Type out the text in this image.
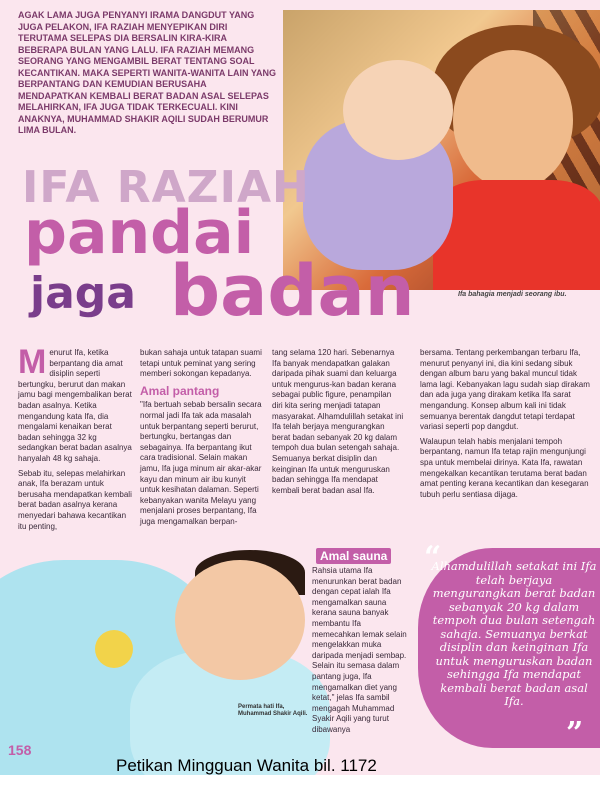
Ifa bahagia menjadi seorang ibu.
AGAK LAMA JUGA PENYANYI IRAMA DANGDUT YANG JUGA PELAKON, IFA RAZIAH MENYEPIKAN DIRI TERUTAMA SELEPAS DIA BERSALIN KIRA-KIRA BEBERAPA BULAN YANG LALU. IFA RAZIAH MEMANG SEORANG YANG MENGAMBIL BERAT TENTANG SOAL KECANTIKAN. MAKA SEPERTI WANITA-WANITA LAIN YANG BERPANTANG DAN KEMUDIAN BERUSAHA MENDAPATKAN KEMBALI BERAT BADAN ASAL SELEPAS MELAHIRKAN, IFA JUGA TIDAK TERKECUALI. KINI ANAKNYA, MUHAMMAD SHAKIR AQILI SUDAH BERUMUR LIMA BULAN.
IFA RAZIAH
pandai
jaga badan

Menurut Ifa, ketika berpantang dia amat disiplin seperti bertungku, berurut dan makan jamu bagi mengembalikan berat badan asalnya. Ketika mengandung kata Ifa, dia mengalami kenaikan berat badan sehingga 32 kg sedangkan berat badan asalnya hanyalah 48 kg sahaja.

Sebab itu, selepas melahirkan anak, Ifa berazam untuk berusaha mendapatkan kembali berat badan asalnya kerana menyedari bahawa kecantikan itu penting,

bukan sahaja untuk tatapan suami tetapi untuk peminat yang sering memberi sokongan kepadanya.

Amal pantang

"Ifa bertuah sebab bersalin secara normal jadi Ifa tak ada masalah untuk berpantang seperti berurut, bertungku, bertangas dan sebagainya. Ifa berpantang ikut cara tradisional. Selain makan jamu, Ifa juga minum air akar-akar kayu dan minum air ibu kunyit untuk kesihatan dalaman. Seperti kebanyakan wanita Melayu yang menjalani proses berpantang, Ifa juga mengamalkan berpan-

tang selama 120 hari. Sebenarnya Ifa banyak mendapatkan galakan daripada pihak suami dan keluarga untuk mengurus-kan badan kerana sebagai public figure, penampilan diri kita sering menjadi tatapan masyarakat. Alhamdulillah setakat ini Ifa telah berjaya mengurangkan berat badan sebanyak 20 kg dalam tempoh dua bulan setengah sahaja. Semuanya berkat disiplin dan keinginan Ifa untuk menguruskan badan sehingga Ifa mendapat kembali berat badan asal Ifa.

Amal sauna

Rahsia utama Ifa menurunkan berat badan dengan cepat ialah Ifa mengamalkan sauna kerana sauna banyak membantu Ifa memecahkan lemak selain mengelakkan muka daripada menjadi sembap. Selain itu semasa dalam pantang juga, Ifa mengamalkan diet yang ketat," jelas Ifa sambil mengagah Muhammad Syakir Aqili yang turut dibawanya

bersama. Tentang perkembangan terbaru Ifa, menurut penyanyi ini, dia kini sedang sibuk dengan album baru yang bakal muncul tidak lama lagi. Kebanyakan lagu sudah siap dirakam dan ada juga yang dirakam ketika Ifa sarat mengandung. Konsep album kali ini tidak semuanya berentak dangdut tetapi terdapat variasi seperti pop dangdut.

Walaupun telah habis menjalani tempoh berpantang, namun Ifa tetap rajin mengunjungi spa untuk membelai dirinya. Kata Ifa, rawatan mengekalkan kecantikan terutama berat badan amat penting kerana kecantikan dan kesegaran tubuh perlu sentiasa dijaga.

“
Alhamdulillah setakat ini Ifa telah berjaya mengurangkan berat badan sebanyak 20 kg dalam tempoh dua bulan setengah sahaja. Semuanya berkat disiplin dan keinginan Ifa untuk menguruskan badan sehingga Ifa mendapat kembali berat badan asal Ifa.
”
Permata hati Ifa, Muhammad Shakir Aqili.
158
Petikan Mingguan Wanita bil. 1172
